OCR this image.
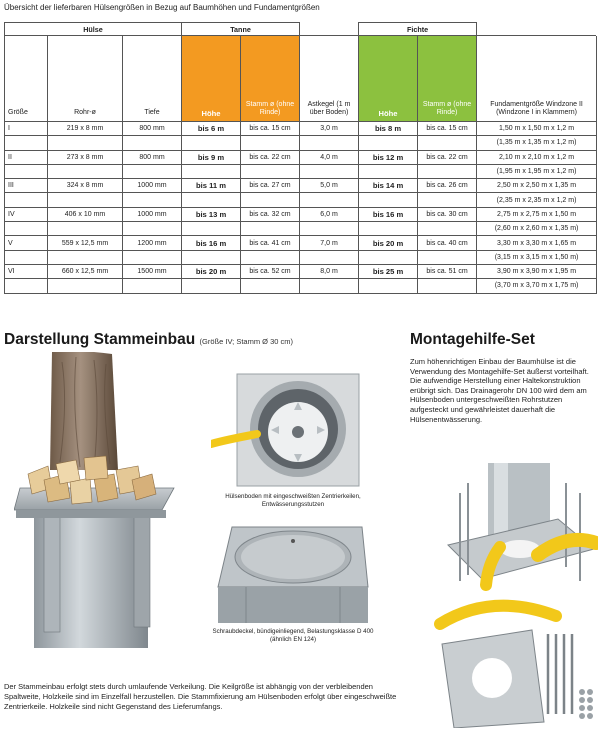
Übersicht der lieferbaren Hülsengrößen in Bezug auf Baumhöhen und Fundamentgrößen
Hülse			Tanne			Fichte		
Größe	Rohr-ø	Tiefe	Höhe	Stamm ø (ohne Rinde)	Astkegel (1 m über Boden)	Höhe	Stamm ø (ohne Rinde)	Fundamentgröße Windzone II (Windzone I in Klammern)
I	219 x 8 mm	800 mm	bis 6 m	bis ca. 15 cm	3,0 m	bis 8 m	bis ca. 15 cm	1,50 m x 1,50 m x 1,2 m
								(1,35 m x 1,35 m x 1,2 m)
II	273 x 8 mm	800 mm	bis 9 m	bis ca. 22 cm	4,0 m	bis 12 m	bis ca. 22 cm	2,10 m x 2,10 m x 1,2 m
								(1,95 m x 1,95 m x 1,2 m)
III	324 x 8 mm	1000 mm	bis 11 m	bis ca. 27 cm	5,0 m	bis 14 m	bis ca. 26 cm	2,50 m x 2,50 m x 1,35 m
								(2,35 m x 2,35 m x 1,2 m)
IV	406 x 10 mm	1000 mm	bis 13 m	bis ca. 32 cm	6,0 m	bis 16 m	bis ca. 30 cm	2,75 m x 2,75 m x 1,50 m
								(2,60 m x 2,60 m x 1,35 m)
V	559 x 12,5 mm	1200 mm	bis 16 m	bis ca. 41 cm	7,0 m	bis 20 m	bis ca. 40 cm	3,30 m x 3,30 m x 1,65 m
								(3,15 m x 3,15 m x 1,50 m)
VI	660 x 12,5 mm	1500 mm	bis 20 m	bis ca. 52 cm	8,0 m	bis 25 m	bis ca. 51 cm	3,90 m x 3,90 m x 1,95 m
								(3,70 m x 3,70 m x 1,75 m)
Darstellung Stammeinbau (Größe IV; Stamm Ø 30 cm)	Montagehilfe-Set
Zum höhenrichtigen Einbau der Baumhülse ist die Verwendung des Montagehilfe-Set äußerst vorteilhaft. Die aufwendige Herstellung einer Haltekonstruktion erübrigt sich. Das Drainagerohr DN 100 wird dem am Hülsenboden untergeschweißten Rohrstutzen aufgesteckt und gewährleistet dauerhaft die Hülsenentwässerung.
Hülsenboden mit eingeschweißten Zentrierkeilen, Entwässerungsstutzen
Schraubdeckel, bündigeinliegend, Belastungsklasse D 400 (ähnlich EN 124)
Der Stammeinbau erfolgt stets durch umlaufende Verkeilung. Die Keilgröße ist abhängig von der verbleibenden Spaltweite, Holzkeile sind im Einzelfall herzustellen. Die Stammfixierung am Hülsenboden erfolgt über eingeschweißte Zentrierkeile. Holzkeile sind nicht Gegenstand des Lieferumfangs.
